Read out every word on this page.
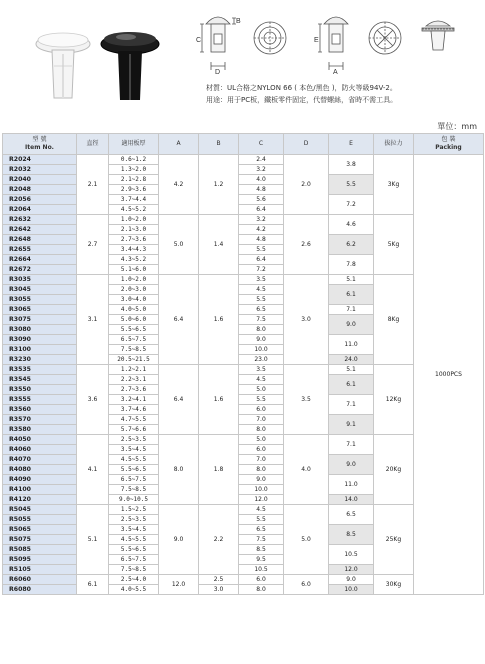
C
D
B
E
A
材質：UL合格之NYLON 66 ( 本色/黑色 )，防火等級94V-2。
用途：用于PC板，鐵板零件固定，代替螺絲，省時不需工具。
單位：mm
型 號
Item No.	直徑	適用板厚	A	B	C	D	E	拔拉力	包 裝
Packing
R2024	2.1	0.6~1.2	4.2	1.2	2.4	2.0	3.8	3Kg	1000PCS
R2032		1.3~2.0			3.2				
R2040		2.1~2.8			4.0		5.5		
R2048		2.9~3.6			4.8				
R2056		3.7~4.4			5.6		7.2		
R2064		4.5~5.2			6.4				
R2632	2.7	1.0~2.0	5.0	1.4	3.2	2.6	4.6	5Kg	
R2642		2.1~3.0			4.2				
R2648		2.7~3.6			4.8		6.2		
R2655		3.4~4.3			5.5				
R2664		4.3~5.2			6.4		7.8		
R2672		5.1~6.0			7.2				
R3035	3.1	1.0~2.0	6.4	1.6	3.5	3.0	5.1	8Kg	
R3045		2.0~3.0			4.5		6.1		
R3055		3.0~4.0			5.5				
R3065		4.0~5.0			6.5		7.1		
R3075		5.0~6.0			7.5		9.0		
R3080		5.5~6.5			8.0				
R3090		6.5~7.5			9.0		11.0		
R3100		7.5~8.5			10.0				
R3230		20.5~21.5			23.0		24.0		
R3535	3.6	1.2~2.1	6.4	1.6	3.5	3.5	5.1	12Kg	
R3545		2.2~3.1			4.5		6.1		
R3550		2.7~3.6			5.0				
R3555		3.2~4.1			5.5		7.1		
R3560		3.7~4.6			6.0				
R3570		4.7~5.5			7.0		9.1		
R3580		5.7~6.6			8.0				
R4050	4.1	2.5~3.5	8.0	1.8	5.0	4.0	7.1	20Kg	
R4060		3.5~4.5			6.0				
R4070		4.5~5.5			7.0		9.0		
R4080		5.5~6.5			8.0				
R4090		6.5~7.5			9.0		11.0		
R4100		7.5~8.5			10.0				
R4120		9.0~10.5			12.0		14.0		
R5045	5.1	1.5~2.5	9.0	2.2	4.5	5.0	6.5	25Kg	
R5055		2.5~3.5			5.5				
R5065		3.5~4.5			6.5		8.5		
R5075		4.5~5.5			7.5				
R5085		5.5~6.5			8.5		10.5		
R5095		6.5~7.5			9.5				
R5105		7.5~8.5			10.5		12.0		
R6060	6.1	2.5~4.0	12.0	2.5	6.0	6.0	9.0	30Kg	
R6080		4.0~5.5		3.0	8.0		10.0		
